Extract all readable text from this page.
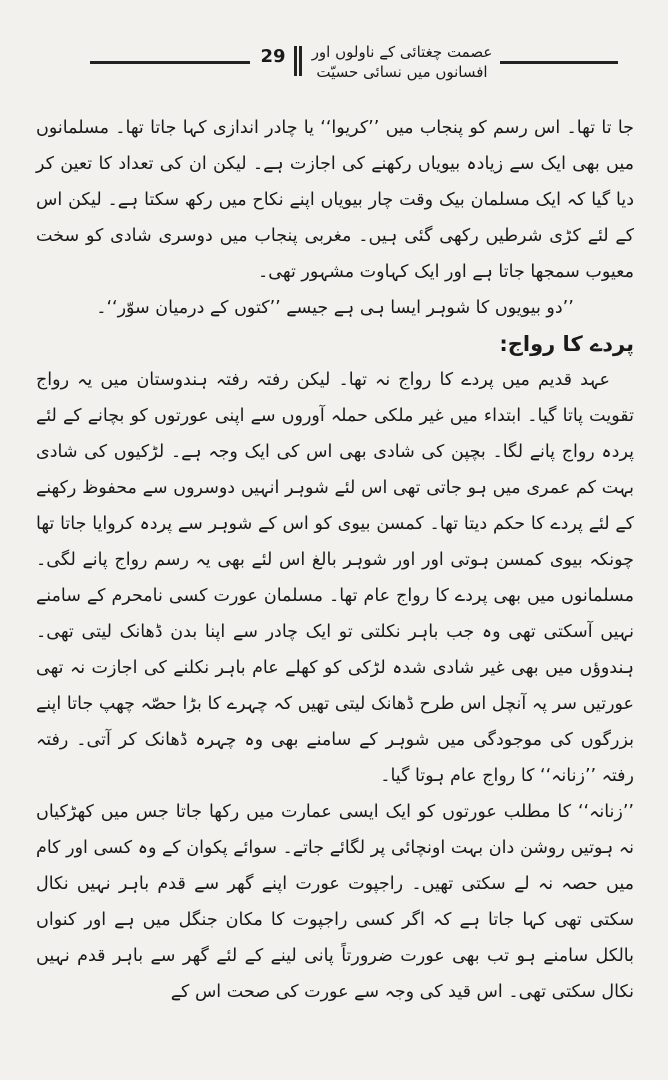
29	عصمت چغتائی کے ناولوں اور
افسانوں میں نسائی حسیّت

جا تا تھا۔ اس رسم کو پنجاب میں ’’کریوا‘‘ یا چادر اندازی کہا جاتا تھا۔ مسلمانوں میں بھی ایک سے زیادہ بیویاں رکھنے کی اجازت ہے۔ لیکن ان کی تعداد کا تعین کر دیا گیا کہ ایک مسلمان بیک وقت چار بیویاں اپنے نکاح میں رکھ سکتا ہے۔ لیکن اس کے لئے کڑی شرطیں رکھی گئی ہیں۔ مغربی پنجاب میں دوسری شادی کو سخت معیوب سمجھا جاتا ہے اور ایک کہاوت مشہور تھی۔

’’دو بیویوں کا شوہر ایسا ہی ہے جیسے ’’کتوں کے درمیان سوّر‘‘۔

پردے کا رواج:

عہد قدیم میں پردے کا رواج نہ تھا۔ لیکن رفتہ رفتہ ہندوستان میں یہ رواج تقویت پاتا گیا۔ ابتداء میں غیر ملکی حملہ آوروں سے اپنی عورتوں کو بچانے کے لئے پردہ رواج پانے لگا۔ بچپن کی شادی بھی اس کی ایک وجہ ہے۔ لڑکیوں کی شادی بہت کم عمری میں ہو جاتی تھی اس لئے شوہر انہیں دوسروں سے محفوظ رکھنے کے لئے پردے کا حکم دیتا تھا۔ کمسن بیوی کو اس کے شوہر سے پردہ کروایا جاتا تھا چونکہ بیوی کمسن ہوتی اور اور شوہر بالغ اس لئے بھی یہ رسم رواج پانے لگی۔ مسلمانوں میں بھی پردے کا رواج عام تھا۔ مسلمان عورت کسی نامحرم کے سامنے نہیں آسکتی تھی وہ جب باہر نکلتی تو ایک چادر سے اپنا بدن ڈھانک لیتی تھی۔ ہندوؤں میں بھی غیر شادی شدہ لڑکی کو کھلے عام باہر نکلنے کی اجازت نہ تھی عورتیں سر پہ آنچل اس طرح ڈھانک لیتی تھیں کہ چہرے کا بڑا حصّہ چھپ جاتا اپنے بزرگوں کی موجودگی میں شوہر کے سامنے بھی وہ چہرہ ڈھانک کر آتی۔ رفتہ رفتہ ’’زنانہ‘‘ کا رواج عام ہوتا گیا۔

’’زنانہ‘‘ کا مطلب عورتوں کو ایک ایسی عمارت میں رکھا جاتا جس میں کھڑکیاں نہ ہوتیں روشن دان بہت اونچائی پر لگائے جاتے۔ سوائے پکوان کے وہ کسی اور کام میں حصہ نہ لے سکتی تھیں۔ راجپوت عورت اپنے گھر سے قدم باہر نہیں نکال سکتی تھی کہا جاتا ہے کہ اگر کسی راجپوت کا مکان جنگل میں ہے اور کنواں بالکل سامنے ہو تب بھی عورت ضرورتاً پانی لینے کے لئے گھر سے باہر قدم نہیں نکال سکتی تھی۔ اس قید کی وجہ سے عورت کی صحت اس کے
